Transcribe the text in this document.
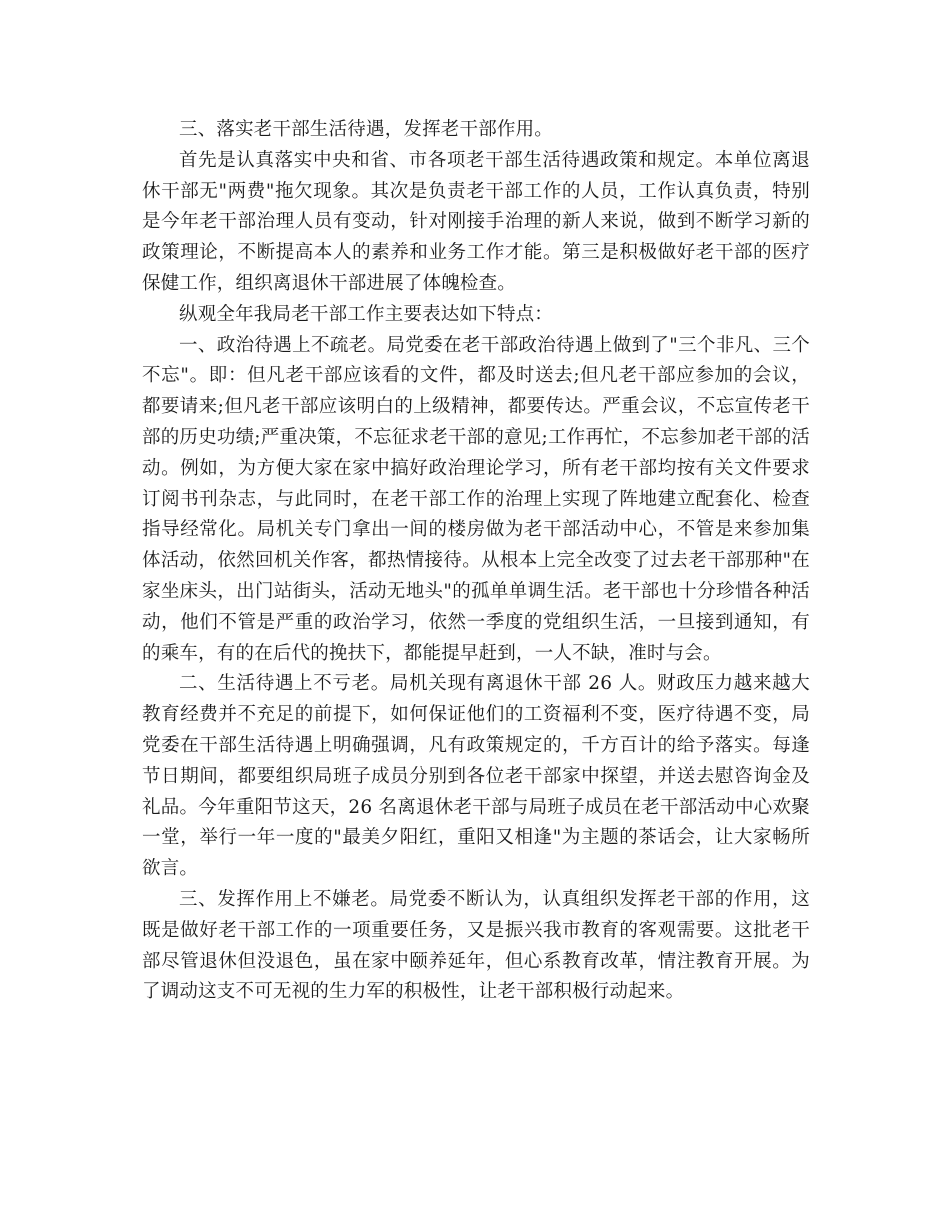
三、落实老干部生活待遇，发挥老干部作用。

首先是认真落实中央和省、市各项老干部生活待遇政策和规定。本单位离退休干部无"两费"拖欠现象。其次是负责老干部工作的人员，工作认真负责，特别是今年老干部治理人员有变动，针对刚接手治理的新人来说，做到不断学习新的政策理论，不断提高本人的素养和业务工作才能。第三是积极做好老干部的医疗保健工作，组织离退休干部进展了体魄检查。

纵观全年我局老干部工作主要表达如下特点：

一、政治待遇上不疏老。局党委在老干部政治待遇上做到了"三个非凡、三个不忘"。即：但凡老干部应该看的文件，都及时送去;但凡老干部应参加的会议，都要请来;但凡老干部应该明白的上级精神，都要传达。严重会议，不忘宣传老干部的历史功绩;严重决策，不忘征求老干部的意见;工作再忙，不忘参加老干部的活动。例如，为方便大家在家中搞好政治理论学习，所有老干部均按有关文件要求订阅书刊杂志，与此同时，在老干部工作的治理上实现了阵地建立配套化、检查指导经常化。局机关专门拿出一间的楼房做为老干部活动中心，不管是来参加集体活动，依然回机关作客，都热情接待。从根本上完全改变了过去老干部那种"在家坐床头，出门站街头，活动无地头"的孤单单调生活。老干部也十分珍惜各种活动，他们不管是严重的政治学习，依然一季度的党组织生活，一旦接到通知，有的乘车，有的在后代的挽扶下，都能提早赶到，一人不缺，准时与会。

二、生活待遇上不亏老。局机关现有离退休干部 26 人。财政压力越来越大教育经费并不充足的前提下，如何保证他们的工资福利不变，医疗待遇不变，局党委在干部生活待遇上明确强调，凡有政策规定的，千方百计的给予落实。每逢节日期间，都要组织局班子成员分别到各位老干部家中探望，并送去慰咨询金及礼品。今年重阳节这天，26 名离退休老干部与局班子成员在老干部活动中心欢聚一堂，举行一年一度的"最美夕阳红，重阳又相逢"为主题的茶话会，让大家畅所欲言。

三、发挥作用上不嫌老。局党委不断认为，认真组织发挥老干部的作用，这既是做好老干部工作的一项重要任务，又是振兴我市教育的客观需要。这批老干部尽管退休但没退色，虽在家中颐养延年，但心系教育改革，情注教育开展。为了调动这支不可无视的生力军的积极性，让老干部积极行动起来。
